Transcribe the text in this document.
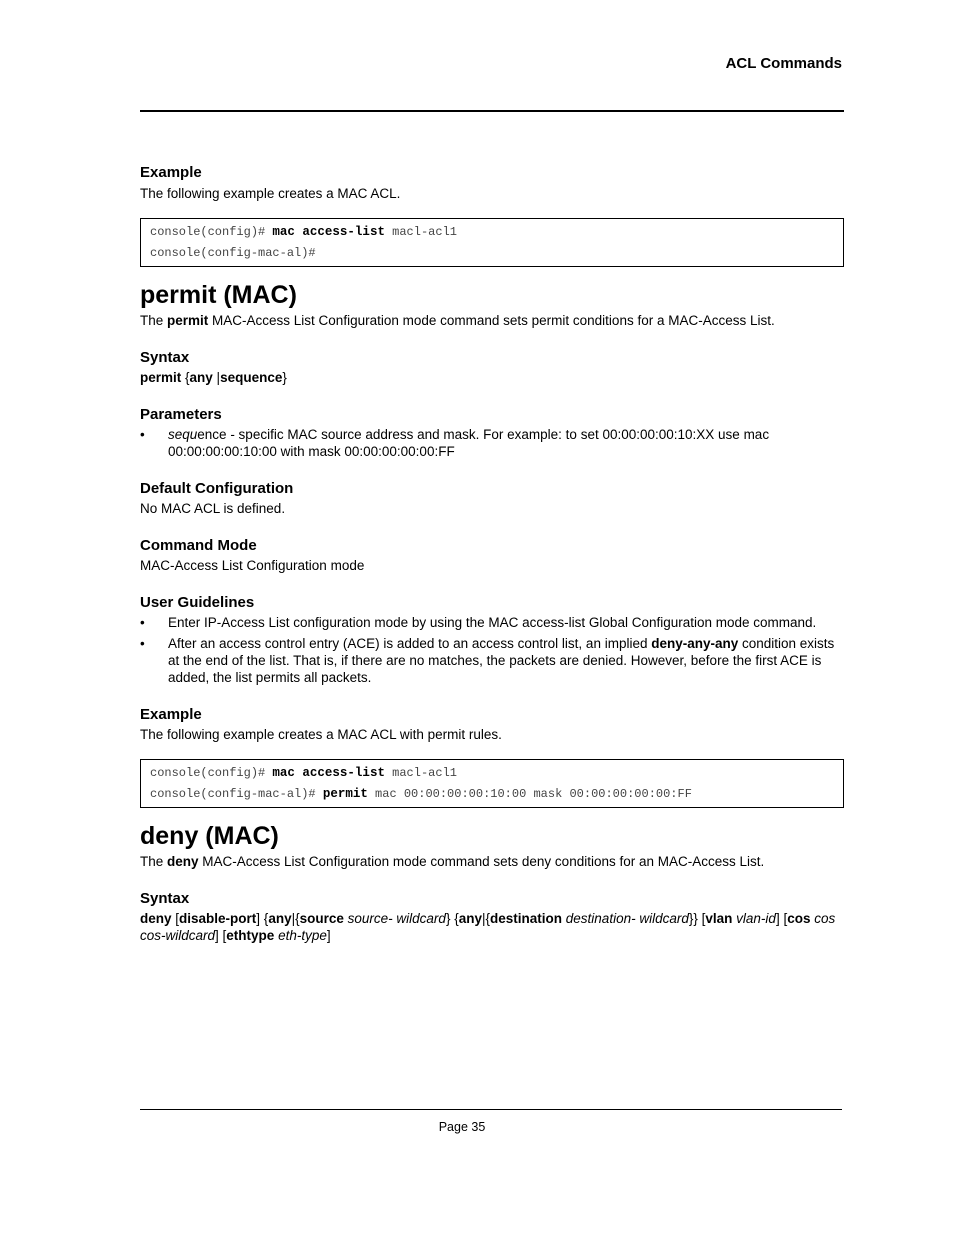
ACL Commands
Example

The following example creates a MAC ACL.

console(config)# mac access-list macl-acl1
console(config-mac-al)#
permit (MAC)

The permit MAC-Access List Configuration mode command sets permit conditions for a MAC-Access List.

Syntax

permit {any |sequence}

Parameters
• sequence - specific MAC source address and mask. For example: to set 00:00:00:00:10:XX use mac 00:00:00:00:10:00 with mask 00:00:00:00:00:FF
Default Configuration

No MAC ACL is defined.

Command Mode

MAC-Access List Configuration mode

User Guidelines
• Enter IP-Access List configuration mode by using the MAC access-list Global Configuration mode command.
• After an access control entry (ACE) is added to an access control list, an implied deny-any-any condition exists at the end of the list. That is, if there are no matches, the packets are denied. However, before the first ACE is added, the list permits all packets.
Example

The following example creates a MAC ACL with permit rules.

console(config)# mac access-list macl-acl1
console(config-mac-al)# permit mac 00:00:00:00:10:00 mask 00:00:00:00:00:FF
deny (MAC)

The deny MAC-Access List Configuration mode command sets deny conditions for an MAC-Access List.

Syntax

deny [disable-port] {any|{source source- wildcard} {any|{destination destination- wildcard}} [vlan vlan-id] [cos cos cos-wildcard] [ethtype eth-type]

Page 35
